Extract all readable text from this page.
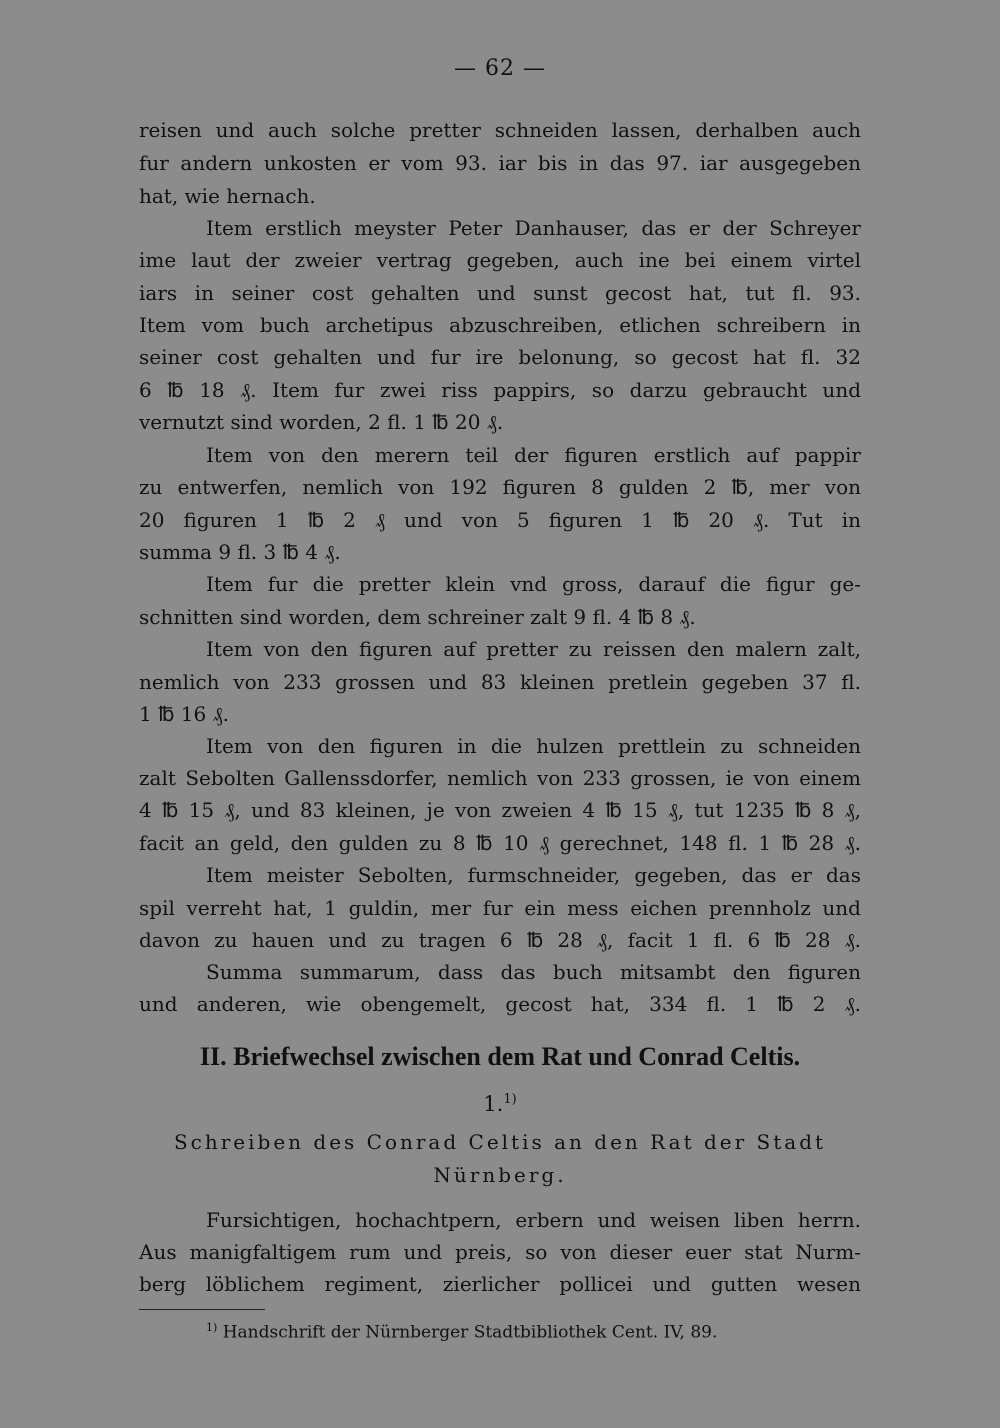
— 62 —
reisen und auch solche pretter schneiden lassen, derhalben auch
fur andern unkosten er vom 93. iar bis in das 97. iar ausgegeben
hat, wie hernach.
Item erstlich meyster Peter Danhauser, das er der Schreyer
ime laut der zweier vertrag gegeben, auch ine bei einem virtel
iars in seiner cost gehalten und sunst gecost hat, tut fl. 93.
Item vom buch archetipus abzuschreiben, etlichen schreibern in
seiner cost gehalten und fur ire belonung, so gecost hat fl. 32
6 ℔ 18 ₰. Item fur zwei riss pappirs, so darzu gebraucht und
vernutzt sind worden, 2 fl. 1 ℔ 20 ₰.
Item von den merern teil der figuren erstlich auf pappir
zu entwerfen, nemlich von 192 figuren 8 gulden 2 ℔, mer von
20 figuren 1 ℔ 2 ₰ und von 5 figuren 1 ℔ 20 ₰. Tut in
summa 9 fl. 3 ℔ 4 ₰.
Item fur die pretter klein vnd gross, darauf die figur ge-
schnitten sind worden, dem schreiner zalt 9 fl. 4 ℔ 8 ₰.
Item von den figuren auf pretter zu reissen den malern zalt,
nemlich von 233 grossen und 83 kleinen pretlein gegeben 37 fl.
1 ℔ 16 ₰.
Item von den figuren in die hulzen prettlein zu schneiden
zalt Sebolten Gallenssdorfer, nemlich von 233 grossen, ie von einem
4 ℔ 15 ₰, und 83 kleinen, je von zweien 4 ℔ 15 ₰, tut 1235 ℔ 8 ₰,
facit an geld, den gulden zu 8 ℔ 10 ₰ gerechnet, 148 fl. 1 ℔ 28 ₰.
Item meister Sebolten, furmschneider, gegeben, das er das
spil verreht hat, 1 guldin, mer fur ein mess eichen prennholz und
davon zu hauen und zu tragen 6 ℔ 28 ₰, facit 1 fl. 6 ℔ 28 ₰.
Summa summarum, dass das buch mitsambt den figuren
und anderen, wie obengemelt, gecost hat, 334 fl. 1 ℔ 2 ₰.
II. Briefwechsel zwischen dem Rat und Conrad Celtis.
1.$^{1)}$
Schreiben des Conrad Celtis an den Rat der Stadt
Nürnberg.
Fursichtigen, hochachtpern, erbern und weisen liben herrn.
Aus manigfaltigem rum und preis, so von dieser euer stat Nurm-
berg löblichem regiment, zierlicher pollicei und gutten wesen
$^{1)}$ Handschrift der Nürnberger Stadtbibliothek Cent. IV, 89.
